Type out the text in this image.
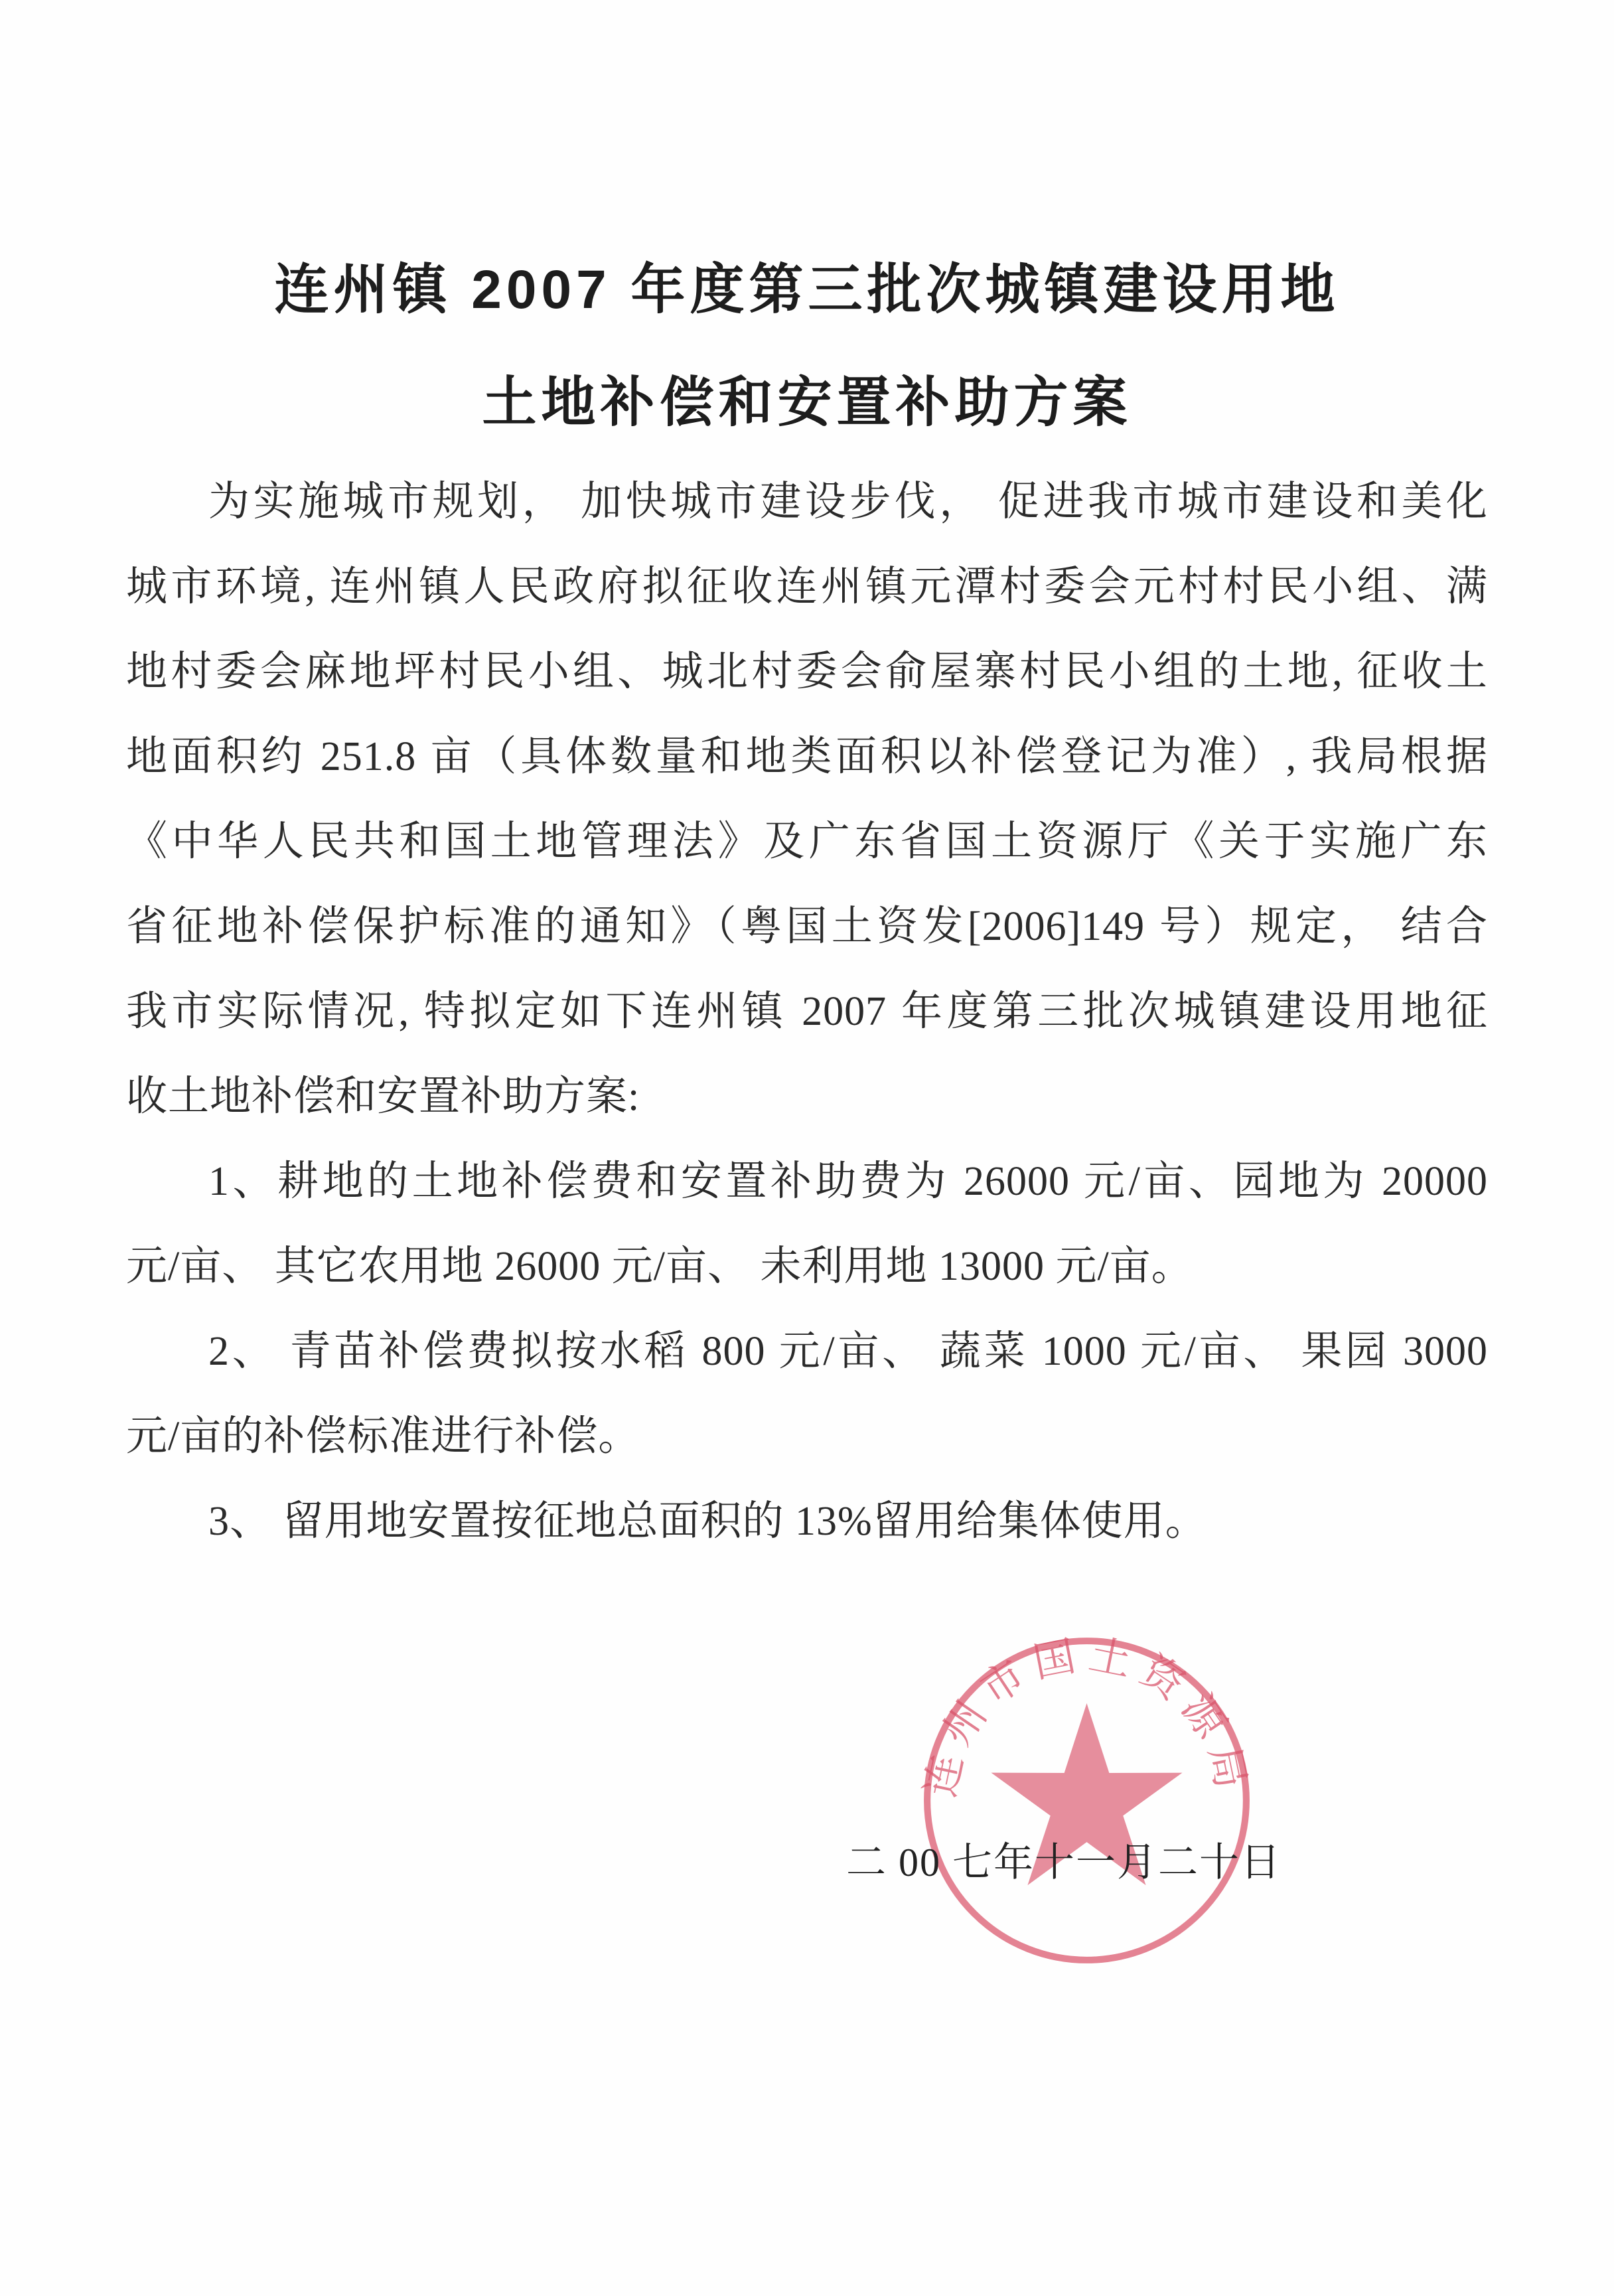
连州镇 2007 年度第三批次城镇建设用地
土地补偿和安置补助方案
为实施城市规划， 加快城市建设步伐， 促进我市城市建设和美化
城市环境, 连州镇人民政府拟征收连州镇元潭村委会元村村民小组、满
地村委会麻地坪村民小组、城北村委会俞屋寨村民小组的土地, 征收土
地面积约 251.8 亩（具体数量和地类面积以补偿登记为准）, 我局根据
《中华人民共和国土地管理法》及广东省国土资源厅《关于实施广东
省征地补偿保护标准的通知》（粤国土资发[2006]149 号）规定， 结合
我市实际情况, 特拟定如下连州镇 2007 年度第三批次城镇建设用地征
收土地补偿和安置补助方案:
1、耕地的土地补偿费和安置补助费为 26000 元/亩、园地为 20000
元/亩、 其它农用地 26000 元/亩、 未利用地 13000 元/亩。
2、 青苗补偿费拟按水稻 800 元/亩、 蔬菜 1000 元/亩、 果园 3000
元/亩的补偿标准进行补偿。
3、 留用地安置按征地总面积的 13%留用给集体使用。
连州市国土资源局
二 00 七年十一月二十日
